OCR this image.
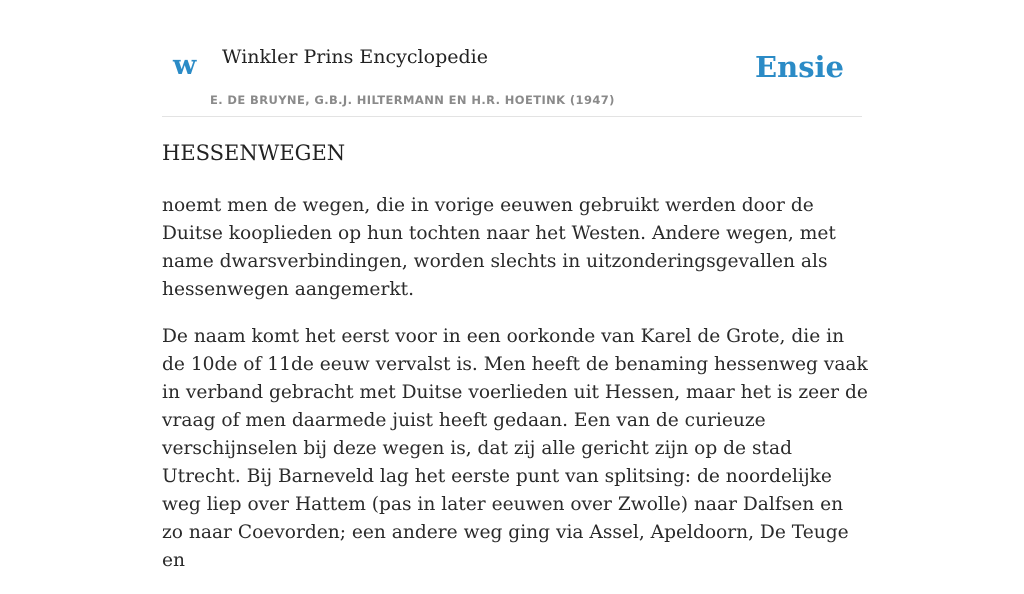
w Winkler Prins Encyclopedie
E. DE BRUYNE, G.B.J. HILTERMANN EN H.R. HOETINK (1947)
Ensie
HESSENWEGEN

noemt men de wegen, die in vorige eeuwen gebruikt werden door de Duitse kooplieden op hun tochten naar het Westen. Andere wegen, met name dwarsverbindingen, worden slechts in uitzonderingsgevallen als hessenwegen aangemerkt.

De naam komt het eerst voor in een oorkonde van Karel de Grote, die in de 10de of 11de eeuw vervalst is. Men heeft de benaming hessenweg vaak in verband gebracht met Duitse voerlieden uit Hessen, maar het is zeer de vraag of men daarmede juist heeft gedaan. Een van de curieuze verschijnselen bij deze wegen is, dat zij alle gericht zijn op de stad Utrecht. Bij Barneveld lag het eerste punt van splitsing: de noordelijke weg liep over Hattem (pas in later eeuwen over Zwolle) naar Dalfsen en zo naar Coevorden; een andere weg ging via Assel, Apeldoorn, De Teuge en
